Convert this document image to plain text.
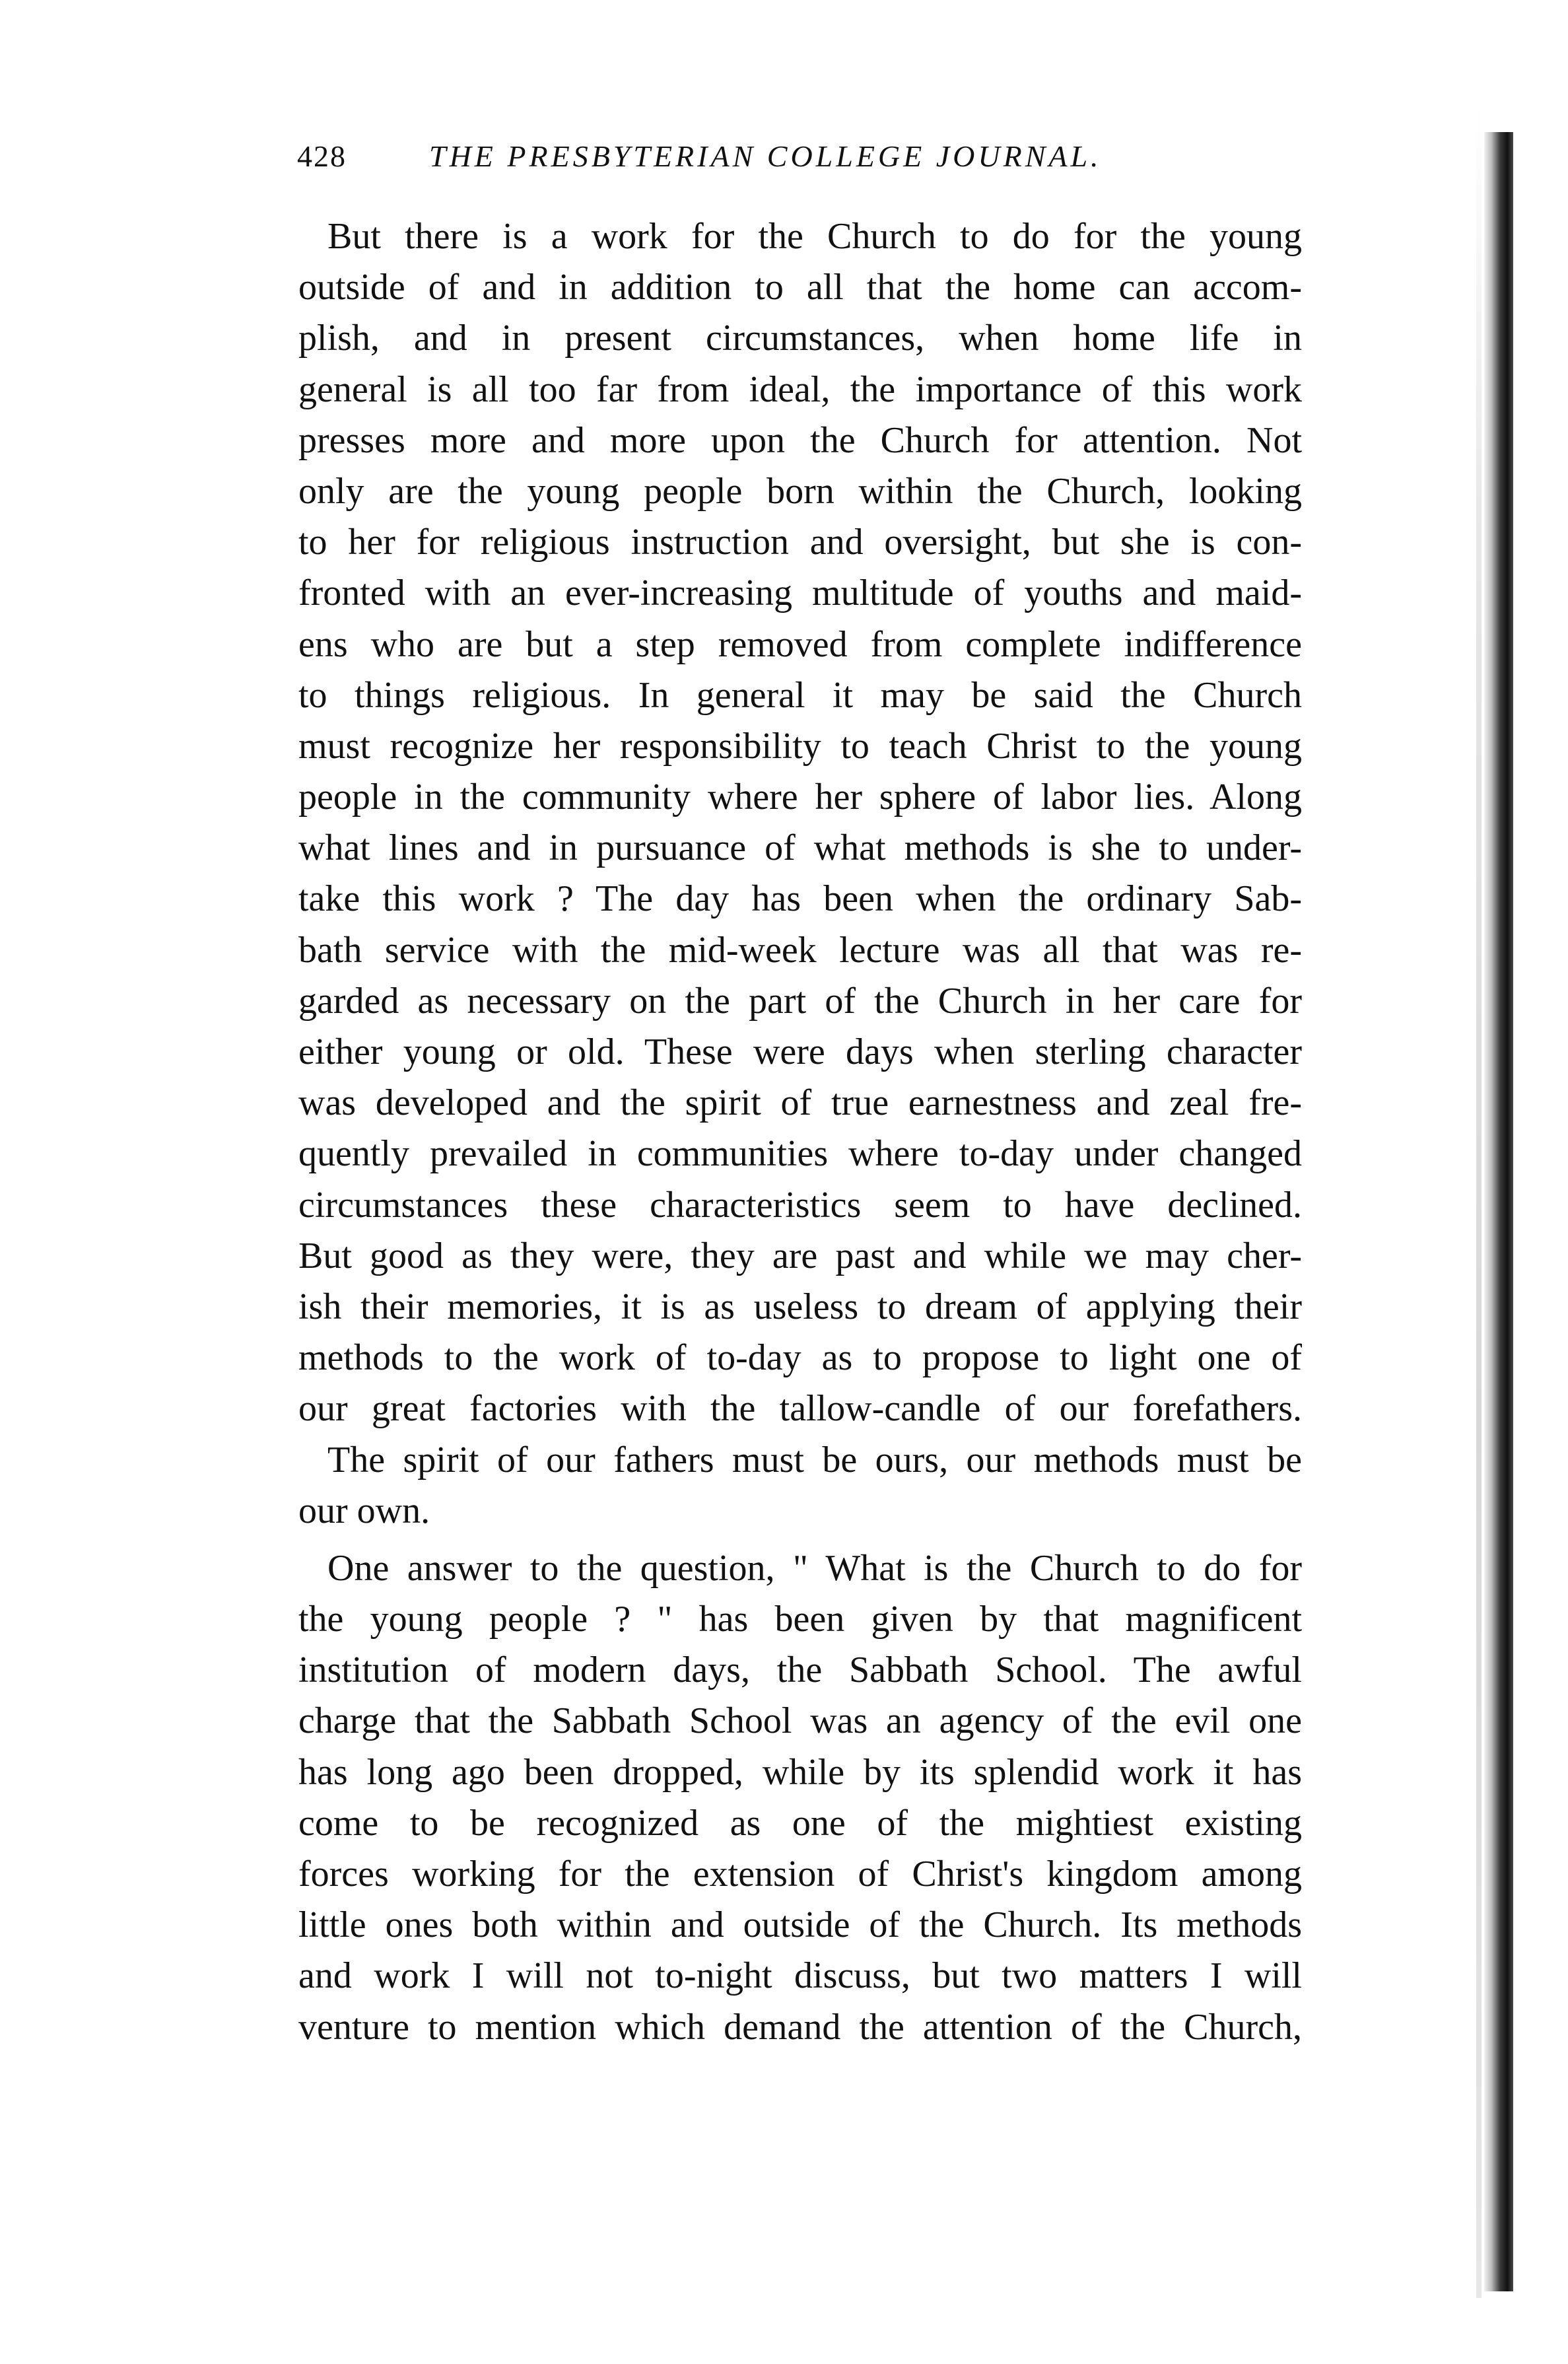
428	THE PRESBYTERIAN COLLEGE JOURNAL.
But there is a work for the Church to do for the young
outside of and in addition to all that the home can accom-
plish, and in present circumstances, when home life in
general is all too far from ideal, the importance of this work
presses more and more upon the Church for attention. Not
only are the young people born within the Church, looking
to her for religious instruction and oversight, but she is con-
fronted with an ever-increasing multitude of youths and maid-
ens who are but a step removed from complete indifference
to things religious. In general it may be said the Church
must recognize her responsibility to teach Christ to the young
people in the community where her sphere of labor lies. Along
what lines and in pursuance of what methods is she to under-
take this work ? The day has been when the ordinary Sab-
bath service with the mid-week lecture was all that was re-
garded as necessary on the part of the Church in her care for
either young or old. These were days when sterling character
was developed and the spirit of true earnestness and zeal fre-
quently prevailed in communities where to-day under changed
circumstances these characteristics seem to have declined.
But good as they were, they are past and while we may cher-
ish their memories, it is as useless to dream of applying their
methods to the work of to-day as to propose to light one of
our great factories with the tallow-candle of our forefathers.
The spirit of our fathers must be ours, our methods must be
our own.
One answer to the question, " What is the Church to do for
the young people ? " has been given by that magnificent
institution of modern days, the Sabbath School. The awful
charge that the Sabbath School was an agency of the evil one
has long ago been dropped, while by its splendid work it has
come to be recognized as one of the mightiest existing
forces working for the extension of Christ's kingdom among
little ones both within and outside of the Church. Its methods
and work I will not to-night discuss, but two matters I will
venture to mention which demand the attention of the Church,
